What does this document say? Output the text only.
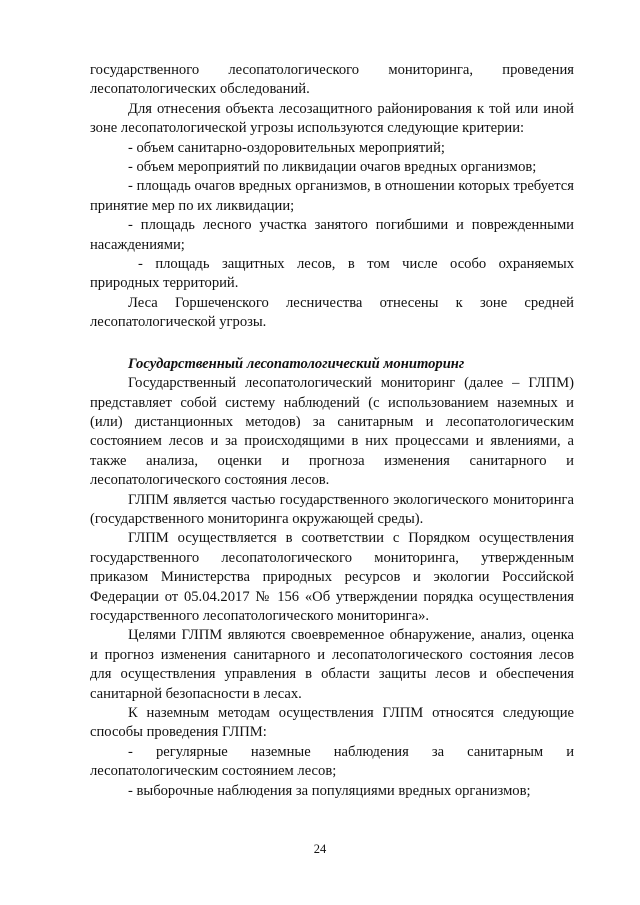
государственного лесопатологического мониторинга, проведения лесопатологических обследований.

Для отнесения объекта лесозащитного районирования к той или иной зоне лесопатологической угрозы используются следующие критерии:

- объем санитарно-оздоровительных мероприятий;

- объем мероприятий по ликвидации очагов вредных организмов;

- площадь очагов вредных организмов, в отношении которых требуется принятие мер по их ликвидации;

- площадь лесного участка занятого погибшими и поврежденными насаждениями;

- площадь защитных лесов, в том числе особо охраняемых природных территорий.

Леса Горшеченского лесничества отнесены к зоне средней лесопатологической угрозы.

Государственный лесопатологический мониторинг

Государственный лесопатологический мониторинг (далее – ГЛПМ) представляет собой систему наблюдений (с использованием наземных и (или) дистанционных методов) за санитарным и лесопатологическим состоянием лесов и за происходящими в них процессами и явлениями, а также анализа, оценки и прогноза изменения санитарного и лесопатологического состояния лесов.

ГЛПМ является частью государственного экологического мониторинга (государственного мониторинга окружающей среды).

ГЛПМ осуществляется в соответствии с Порядком осуществления государственного лесопатологического мониторинга, утвержденным приказом Министерства природных ресурсов и экологии Российской Федерации от 05.04.2017 № 156 «Об утверждении порядка осуществления государственного лесопатологического мониторинга».

Целями ГЛПМ являются своевременное обнаружение, анализ, оценка и прогноз изменения санитарного и лесопатологического состояния лесов для осуществления управления в области защиты лесов и обеспечения санитарной безопасности в лесах.

К наземным методам осуществления ГЛПМ относятся следующие способы проведения ГЛПМ:

- регулярные наземные наблюдения за санитарным и лесопатологическим состоянием лесов;

- выборочные наблюдения за популяциями вредных организмов;

24
